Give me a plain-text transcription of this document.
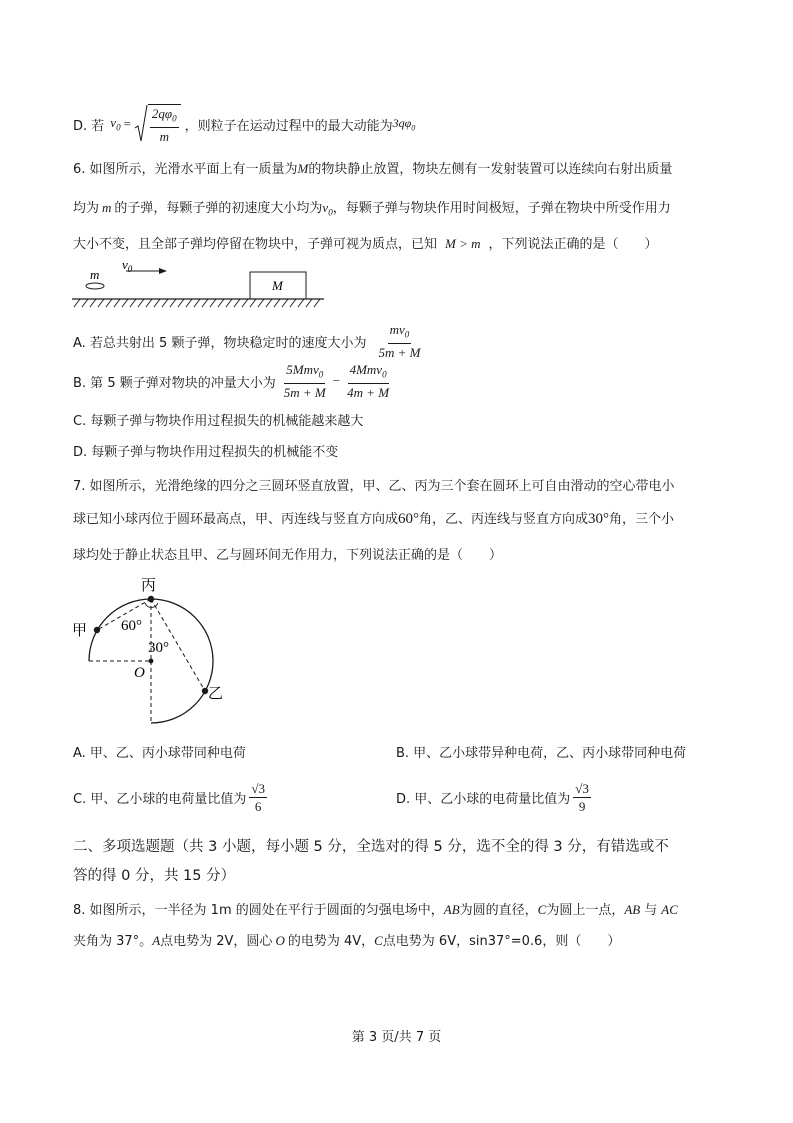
D. 若 $v_0 = \frac{2q\varphi_0}{m}$ ，则粒子在运动过程中的最大动能为 $3q\varphi_0$
6. 如图所示，光滑水平面上有一质量为M的物块静止放置，物块左侧有一发射装置可以连续向右射出质量
均为 m 的子弹，每颗子弹的初速度大小均为$v_0$，每颗子弹与物块作用时间极短，子弹在物块中所受作用力
大小不变，且全部子弹均停留在物块中，子弹可视为质点，已知 M > m ，下列说法正确的是（　　）
m
$v_0$
M
A. 若总共射出 5 颗子弹，物块稳定时的速度大小为 $\frac{mv_0}{5m + M}$
B. 第 5 颗子弹对物块的冲量大小为 $\frac{5Mmv_0}{5m + M} - \frac{4Mmv_0}{4m + M}$
C. 每颗子弹与物块作用过程损失的机械能越来越大
D. 每颗子弹与物块作用过程损失的机械能不变
7. 如图所示，光滑绝缘的四分之三圆环竖直放置，甲、乙、丙为三个套在圆环上可自由滑动的空心带电小
球已知小球丙位于圆环最高点，甲、丙连线与竖直方向成60°角，乙、丙连线与竖直方向成30°角，三个小
球均处于静止状态且甲、乙与圆环间无作用力，下列说法正确的是（　　）
丙
甲
乙
O
60°
30°
A. 甲、乙、丙小球带同种电荷	B. 甲、乙小球带异种电荷，乙、丙小球带同种电荷
C. 甲、乙小球的电荷量比值为 $\frac{√3}{6}$	D. 甲、乙小球的电荷量比值为 $\frac{√3}{9}$
二、多项选题题（共 3 小题，每小题 5 分，全选对的得 5 分，选不全的得 3 分，有错选或不
答的得 0 分，共 15 分）
8. 如图所示，一半径为 1m 的圆处在平行于圆面的匀强电场中，AB为圆的直径，C为圆上一点，AB 与 AC
夹角为 37°。A点电势为 2V，圆心 O 的电势为 4V，C点电势为 6V，sin37°=0.6，则（　　）
第 3 页/共 7 页
